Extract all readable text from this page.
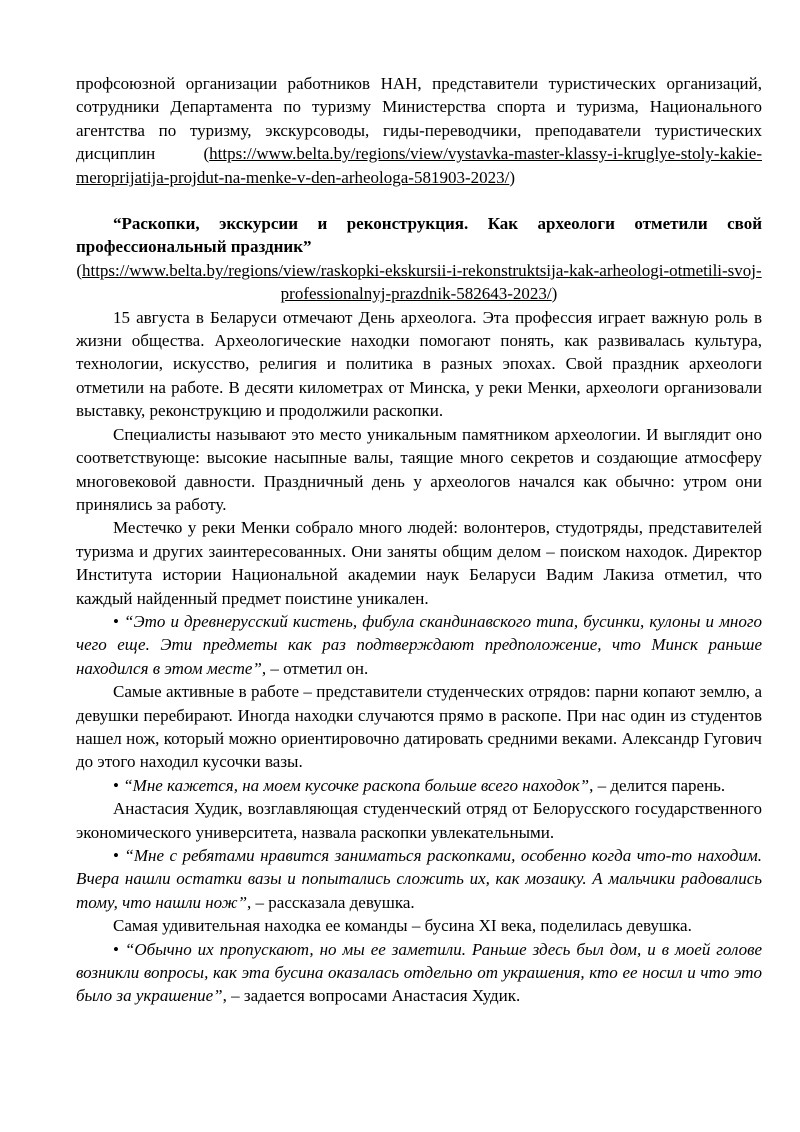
профсоюзной организации работников НАН, представители туристических организаций, сотрудники Департамента по туризму Министерства спорта и туризма, Национального агентства по туризму, экскурсоводы, гиды-переводчики, преподаватели туристических дисциплин (https://www.belta.by/regions/view/vystavka-master-klassy-i-kruglye-stoly-kakie-meroprijatija-projdut-na-menke-v-den-arheologa-581903-2023/)

“Раскопки, экскурсии и реконструкция. Как археологи отметили свой профессиональный праздник”

(https://www.belta.by/regions/view/raskopki-ekskursii-i-rekonstruktsija-kak-arheologi-otmetili-svoj-professionalnyj-prazdnik-582643-2023/)

15 августа в Беларуси отмечают День археолога. Эта профессия играет важную роль в жизни общества. Археологические находки помогают понять, как развивалась культура, технологии, искусство, религия и политика в разных эпохах. Свой праздник археологи отметили на работе. В десяти километрах от Минска, у реки Менки, археологи организовали выставку, реконструкцию и продолжили раскопки.

Специалисты называют это место уникальным памятником археологии. И выглядит оно соответствующе: высокие насыпные валы, таящие много секретов и создающие атмосферу многовековой давности. Праздничный день у археологов начался как обычно: утром они принялись за работу.

Местечко у реки Менки собрало много людей: волонтеров, студотряды, представителей туризма и других заинтересованных. Они заняты общим делом – поиском находок. Директор Института истории Национальной академии наук Беларуси Вадим Лакиза отметил, что каждый найденный предмет поистине уникален.

• “Это и древнерусский кистень, фибула скандинавского типа, бусинки, кулоны и много чего еще. Эти предметы как раз подтверждают предположение, что Минск раньше находился в этом месте”, – отметил он.

Самые активные в работе – представители студенческих отрядов: парни копают землю, а девушки перебирают. Иногда находки случаются прямо в раскопе. При нас один из студентов нашел нож, который можно ориентировочно датировать средними веками. Александр Гугович до этого находил кусочки вазы.

• “Мне кажется, на моем кусочке раскопа больше всего находок”, – делится парень.

Анастасия Худик, возглавляющая студенческий отряд от Белорусского государственного экономического университета, назвала раскопки увлекательными.

• “Мне с ребятами нравится заниматься раскопками, особенно когда что-то находим. Вчера нашли остатки вазы и попытались сложить их, как мозаику. А мальчики радовались тому, что нашли нож”, – рассказала девушка.

Самая удивительная находка ее команды – бусина XI века, поделилась девушка.

• “Обычно их пропускают, но мы ее заметили. Раньше здесь был дом, и в моей голове возникли вопросы, как эта бусина оказалась отдельно от украшения, кто ее носил и что это было за украшение”, – задается вопросами Анастасия Худик.
